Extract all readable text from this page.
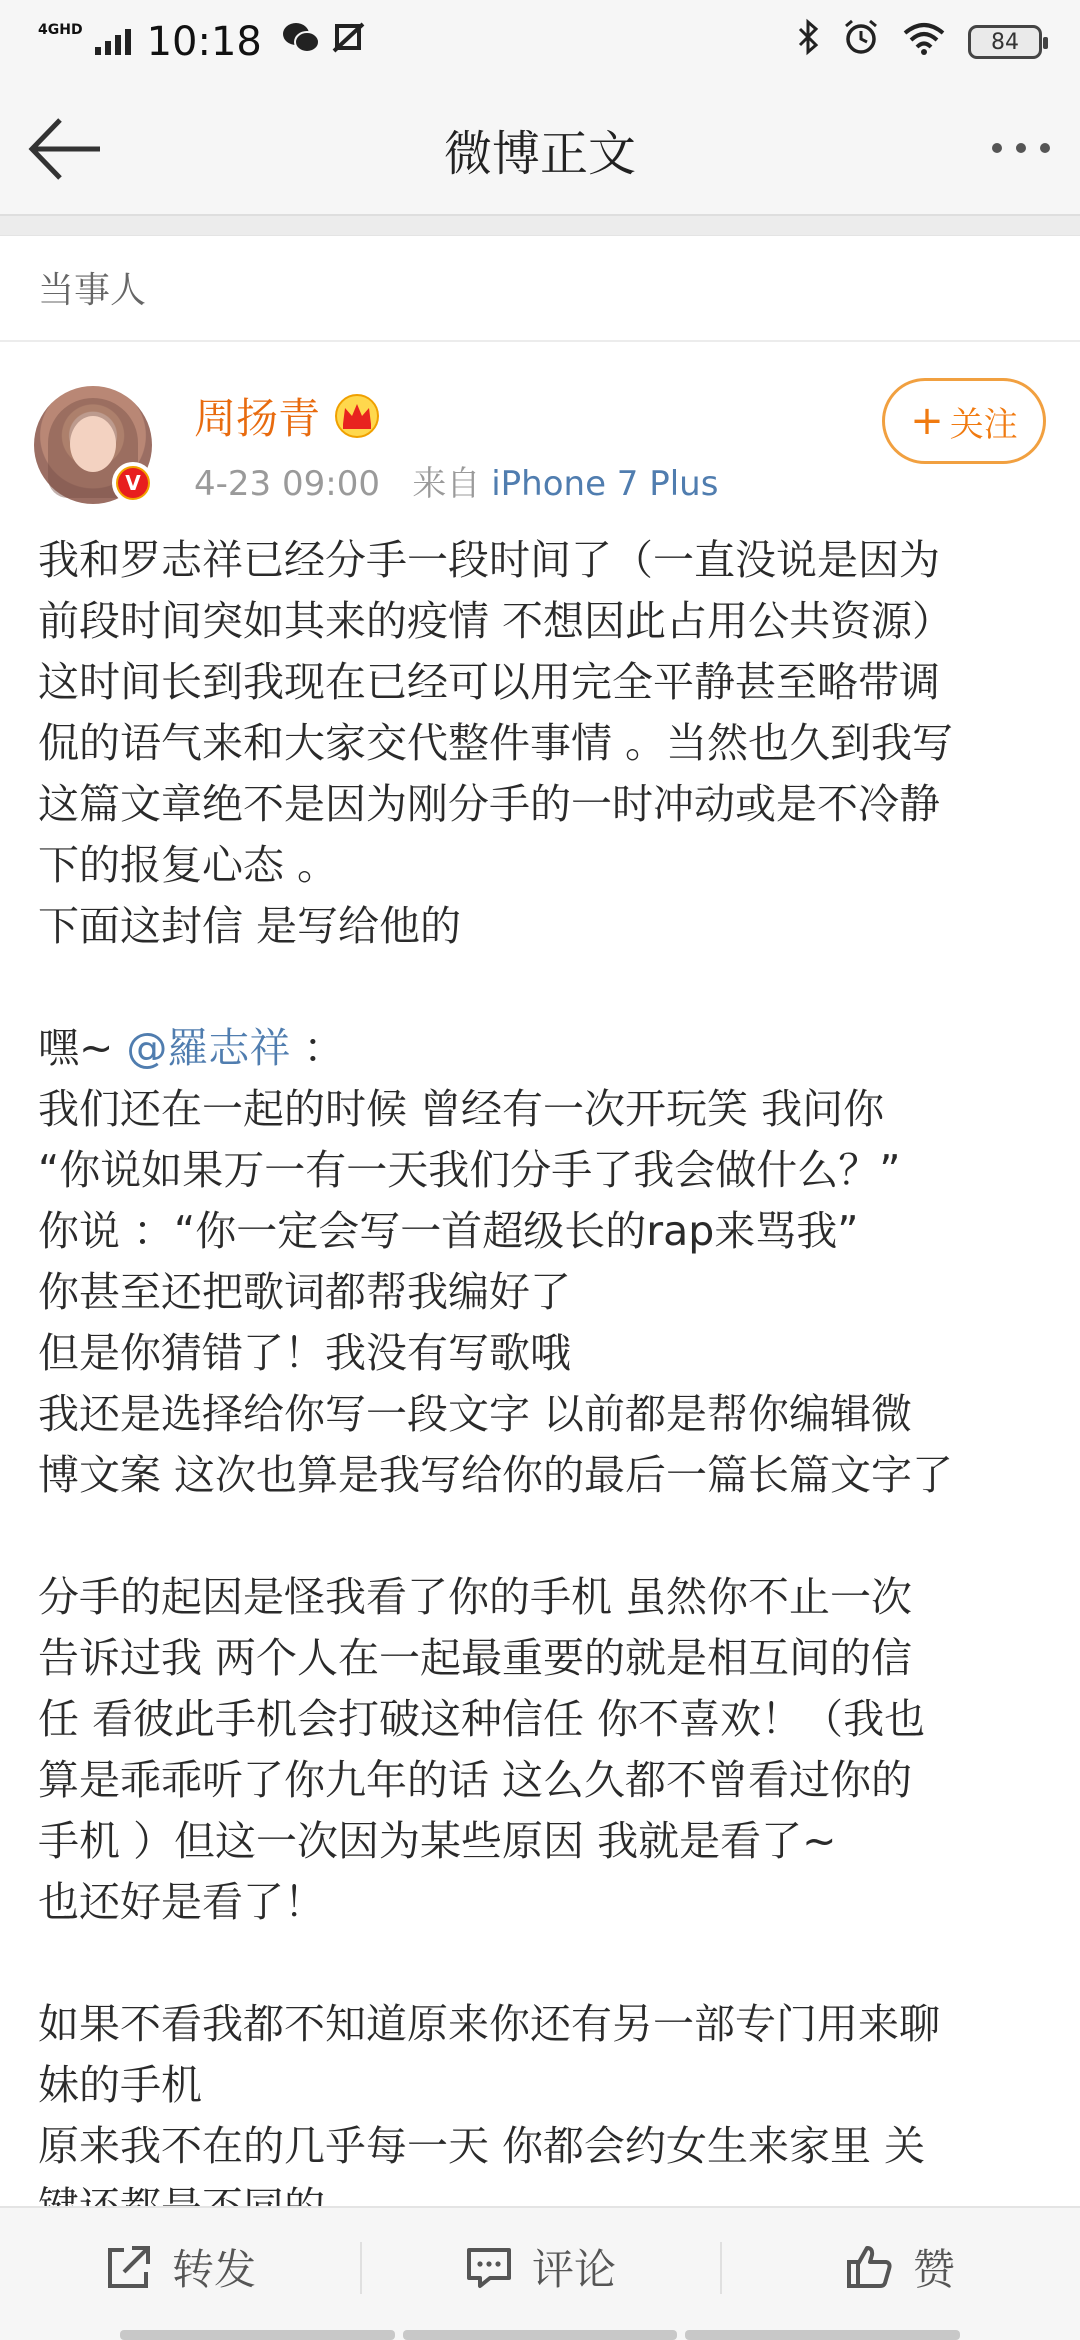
4GHD 10:18	84
微博正文
当事人
V
周扬青
4-23 09:00 来自 iPhone 7 Plus
+ 关注
我和罗志祥已经分手一段时间了（一直没说是因为
前段时间突如其来的疫情 不想因此占用公共资源）
这时间长到我现在已经可以用完全平静甚至略带调
侃的语气来和大家交代整件事情 。当然也久到我写
这篇文章绝不是因为刚分手的一时冲动或是不冷静
下的报复心态 。
下面这封信 是写给他的
嘿~ @羅志祥 ：
我们还在一起的时候 曾经有一次开玩笑 我问你
“你说如果万一有一天我们分手了我会做什么？”
你说 ：“你一定会写一首超级长的rap来骂我”
你甚至还把歌词都帮我编好了
但是你猜错了！我没有写歌哦
我还是选择给你写一段文字 以前都是帮你编辑微
博文案 这次也算是我写给你的最后一篇长篇文字了
分手的起因是怪我看了你的手机 虽然你不止一次
告诉过我 两个人在一起最重要的就是相互间的信
任 看彼此手机会打破这种信任 你不喜欢！（我也
算是乖乖听了你九年的话 这么久都不曾看过你的
手机 ）但这一次因为某些原因 我就是看了~
也还好是看了！
如果不看我都不知道原来你还有另一部专门用来聊
妹的手机
原来我不在的几乎每一天 你都会约女生来家里 关
转发	评论	赞
